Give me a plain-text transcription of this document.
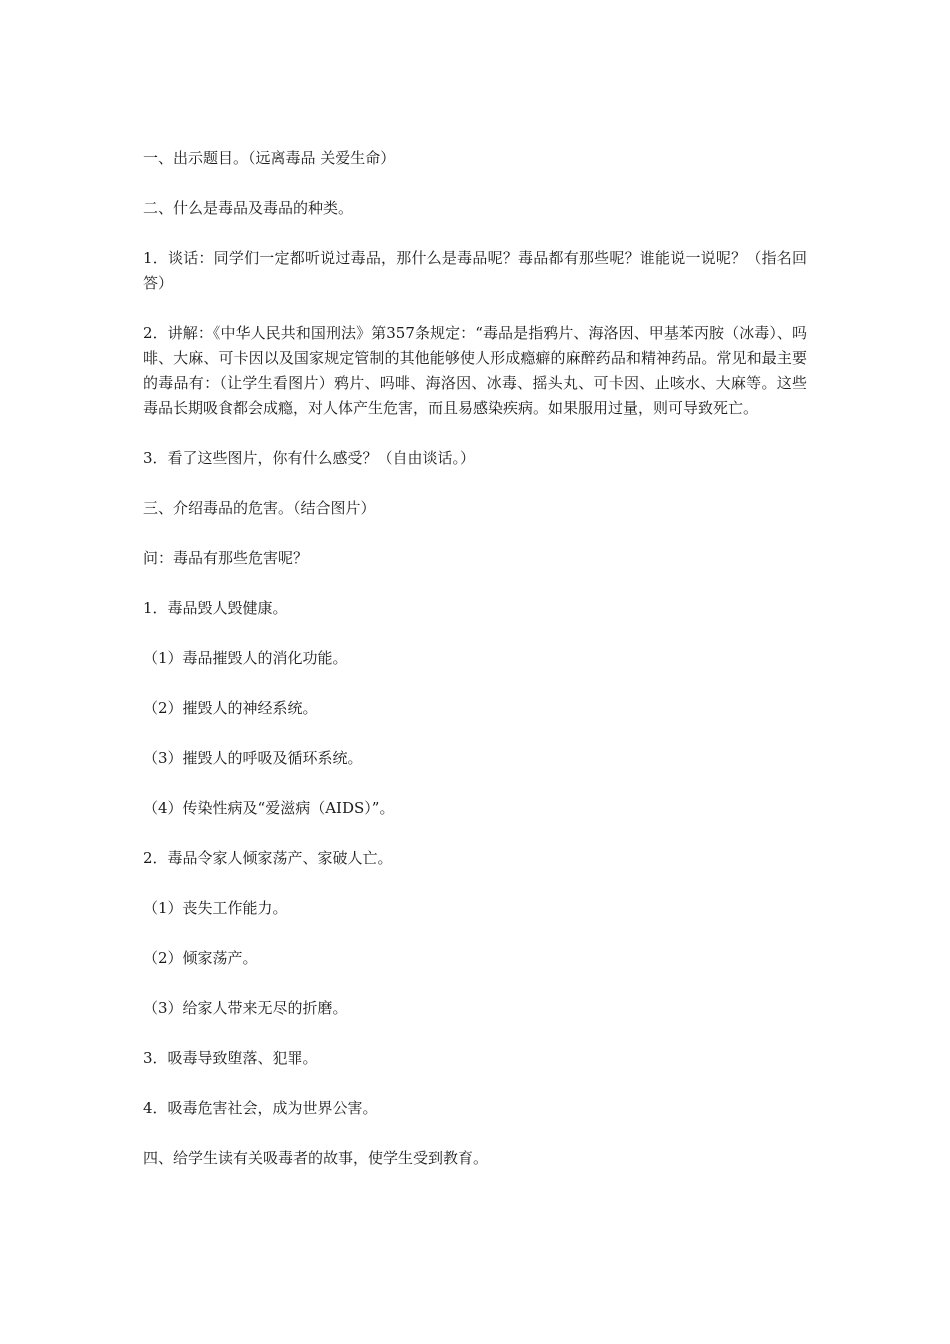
一、出示题目。（远离毒品 关爱生命）

二、什么是毒品及毒品的种类。

1．谈话：同学们一定都听说过毒品，那什么是毒品呢？毒品都有那些呢？谁能说一说呢？（指名回答）

2．讲解：《中华人民共和国刑法》第357条规定：“毒品是指鸦片、海洛因、甲基苯丙胺（冰毒）、吗啡、大麻、可卡因以及国家规定管制的其他能够使人形成瘾癖的麻醉药品和精神药品。常见和最主要的毒品有：（让学生看图片）鸦片、吗啡、海洛因、冰毒、摇头丸、可卡因、止咳水、大麻等。这些毒品长期吸食都会成瘾，对人体产生危害，而且易感染疾病。如果服用过量，则可导致死亡。

3．看了这些图片，你有什么感受？（自由谈话。）

三、介绍毒品的危害。（结合图片）

问：毒品有那些危害呢？

1．毒品毁人毁健康。

（1）毒品摧毁人的消化功能。

（2）摧毁人的神经系统。

（3）摧毁人的呼吸及循环系统。

（4）传染性病及“爱滋病（AIDS）”。

2．毒品令家人倾家荡产、家破人亡。

（1）丧失工作能力。

（2）倾家荡产。

（3）给家人带来无尽的折磨。

3．吸毒导致堕落、犯罪。

4．吸毒危害社会，成为世界公害。

四、给学生读有关吸毒者的故事，使学生受到教育。
